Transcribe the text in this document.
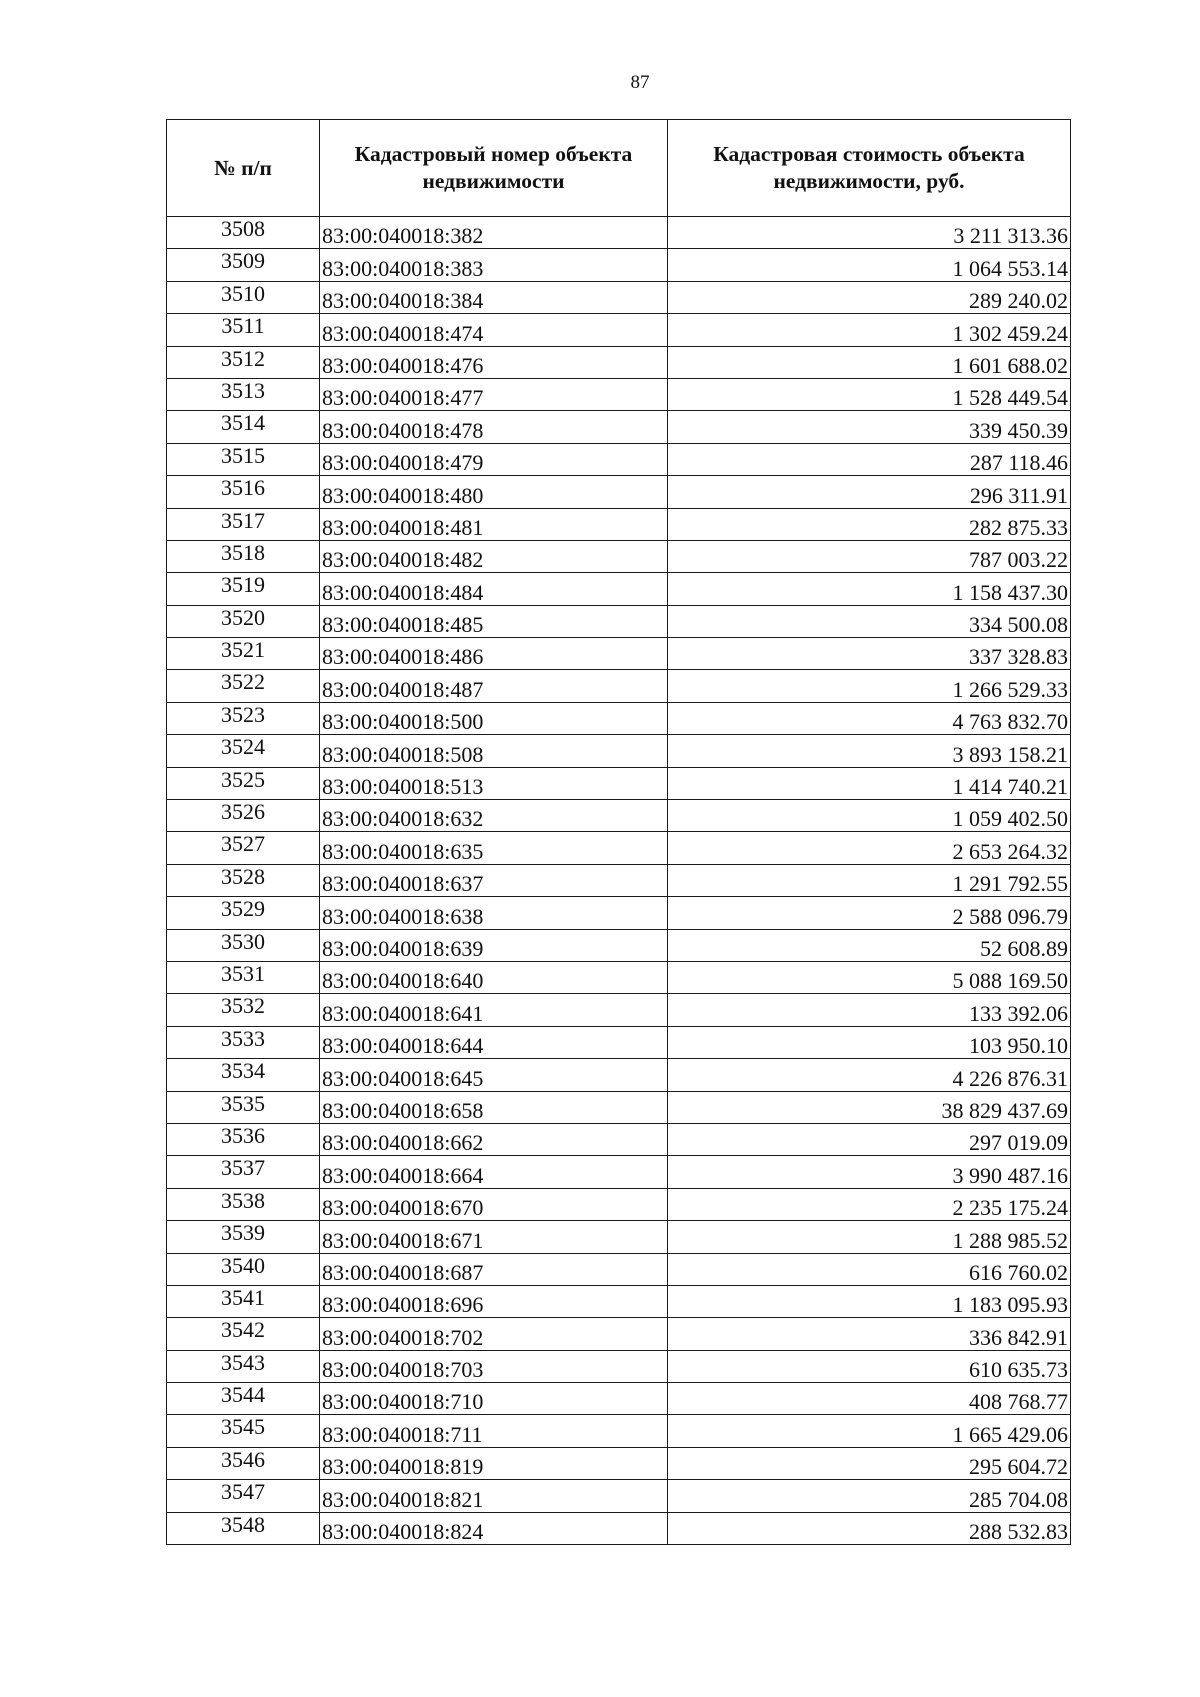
87
№ п/п	Кадастровый номер объекта недвижимости	Кадастровая стоимость объекта недвижимости, руб.
3508	83:00:040018:382	3 211 313.36
3509	83:00:040018:383	1 064 553.14
3510	83:00:040018:384	289 240.02
3511	83:00:040018:474	1 302 459.24
3512	83:00:040018:476	1 601 688.02
3513	83:00:040018:477	1 528 449.54
3514	83:00:040018:478	339 450.39
3515	83:00:040018:479	287 118.46
3516	83:00:040018:480	296 311.91
3517	83:00:040018:481	282 875.33
3518	83:00:040018:482	787 003.22
3519	83:00:040018:484	1 158 437.30
3520	83:00:040018:485	334 500.08
3521	83:00:040018:486	337 328.83
3522	83:00:040018:487	1 266 529.33
3523	83:00:040018:500	4 763 832.70
3524	83:00:040018:508	3 893 158.21
3525	83:00:040018:513	1 414 740.21
3526	83:00:040018:632	1 059 402.50
3527	83:00:040018:635	2 653 264.32
3528	83:00:040018:637	1 291 792.55
3529	83:00:040018:638	2 588 096.79
3530	83:00:040018:639	52 608.89
3531	83:00:040018:640	5 088 169.50
3532	83:00:040018:641	133 392.06
3533	83:00:040018:644	103 950.10
3534	83:00:040018:645	4 226 876.31
3535	83:00:040018:658	38 829 437.69
3536	83:00:040018:662	297 019.09
3537	83:00:040018:664	3 990 487.16
3538	83:00:040018:670	2 235 175.24
3539	83:00:040018:671	1 288 985.52
3540	83:00:040018:687	616 760.02
3541	83:00:040018:696	1 183 095.93
3542	83:00:040018:702	336 842.91
3543	83:00:040018:703	610 635.73
3544	83:00:040018:710	408 768.77
3545	83:00:040018:711	1 665 429.06
3546	83:00:040018:819	295 604.72
3547	83:00:040018:821	285 704.08
3548	83:00:040018:824	288 532.83
